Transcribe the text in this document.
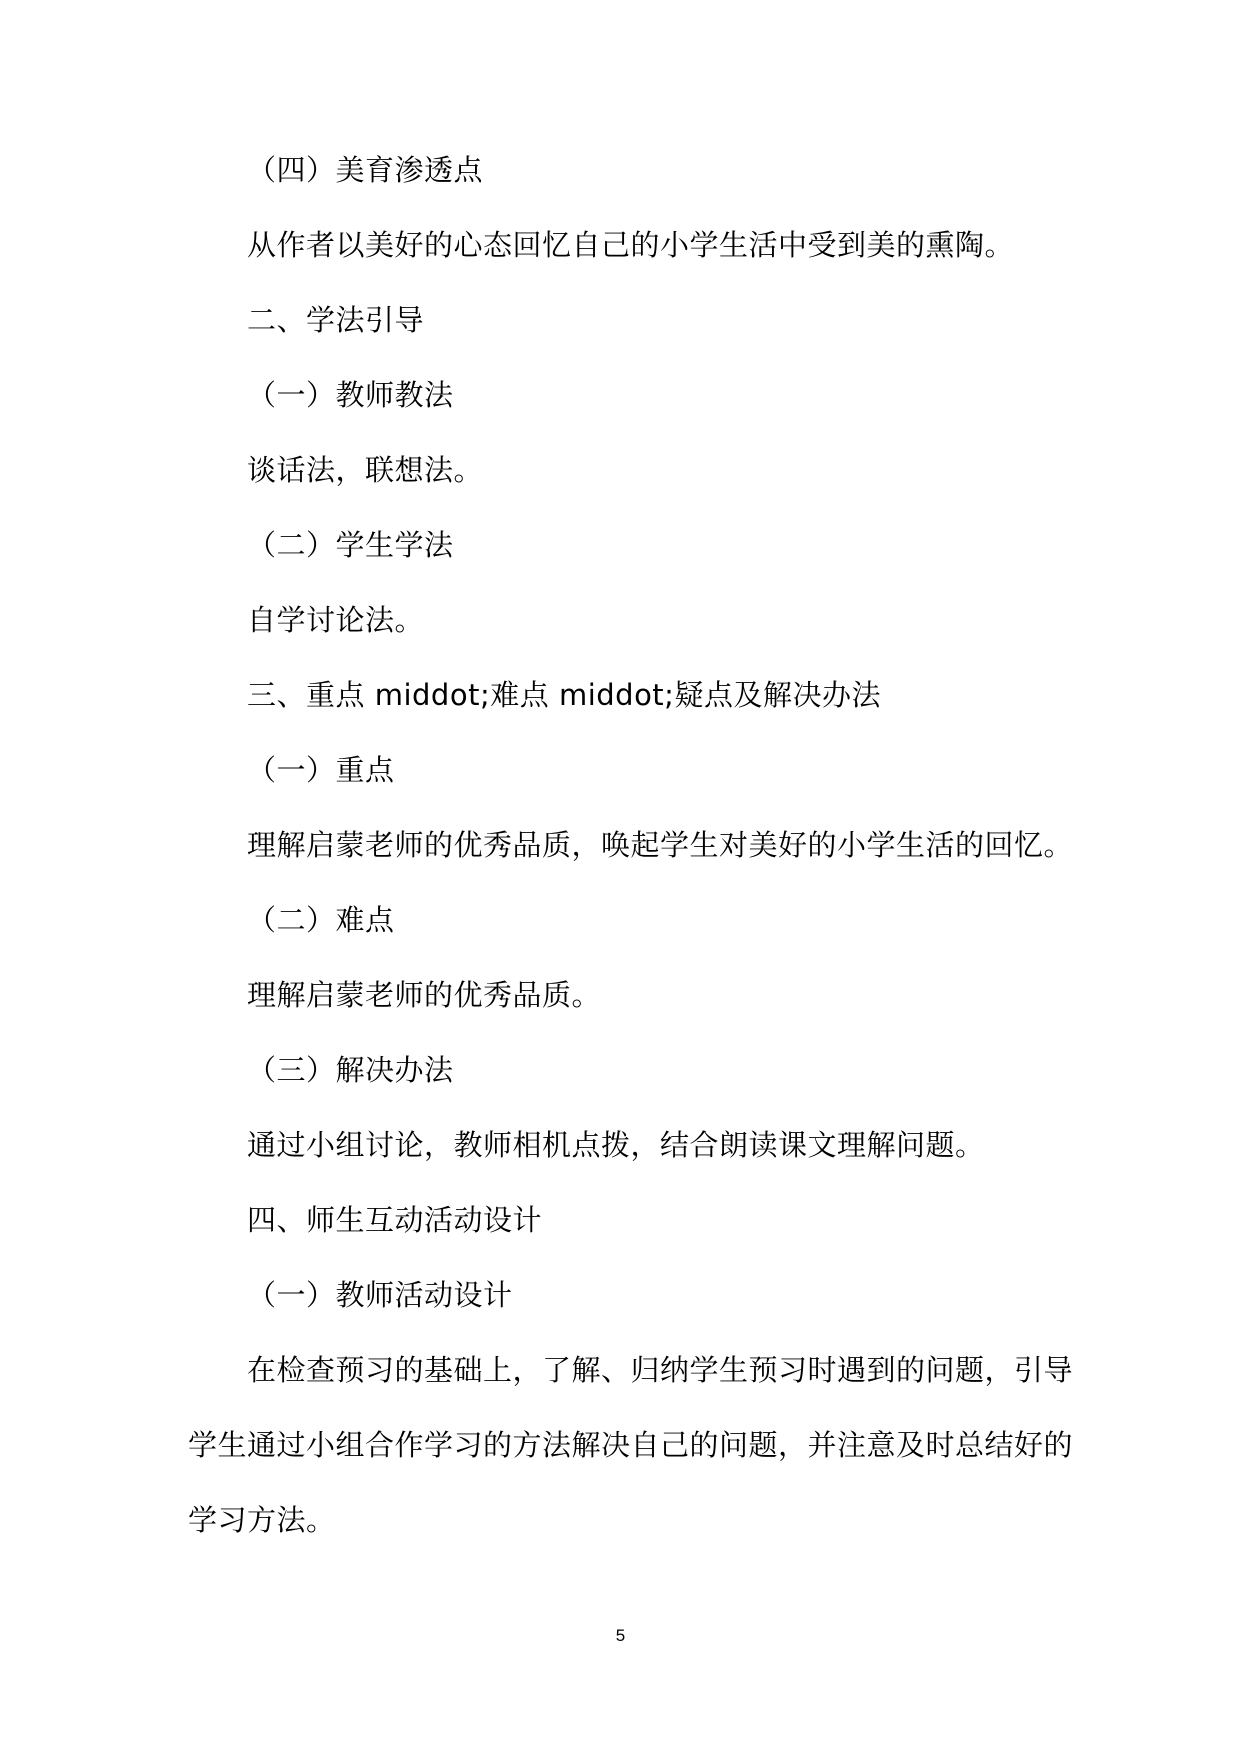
（四）美育渗透点
从作者以美好的心态回忆自己的小学生活中受到美的熏陶。
二、学法引导
（一）教师教法
谈话法，联想法。
（二）学生学法
自学讨论法。
三、重点 middot;难点 middot;疑点及解决办法
（一）重点
理解启蒙老师的优秀品质，唤起学生对美好的小学生活的回忆。
（二）难点
理解启蒙老师的优秀品质。
（三）解决办法
通过小组讨论，教师相机点拨，结合朗读课文理解问题。
四、师生互动活动设计
（一）教师活动设计
在检查预习的基础上，了解、归纳学生预习时遇到的问题，引导
学生通过小组合作学习的方法解决自己的问题，并注意及时总结好的
学习方法。
5
